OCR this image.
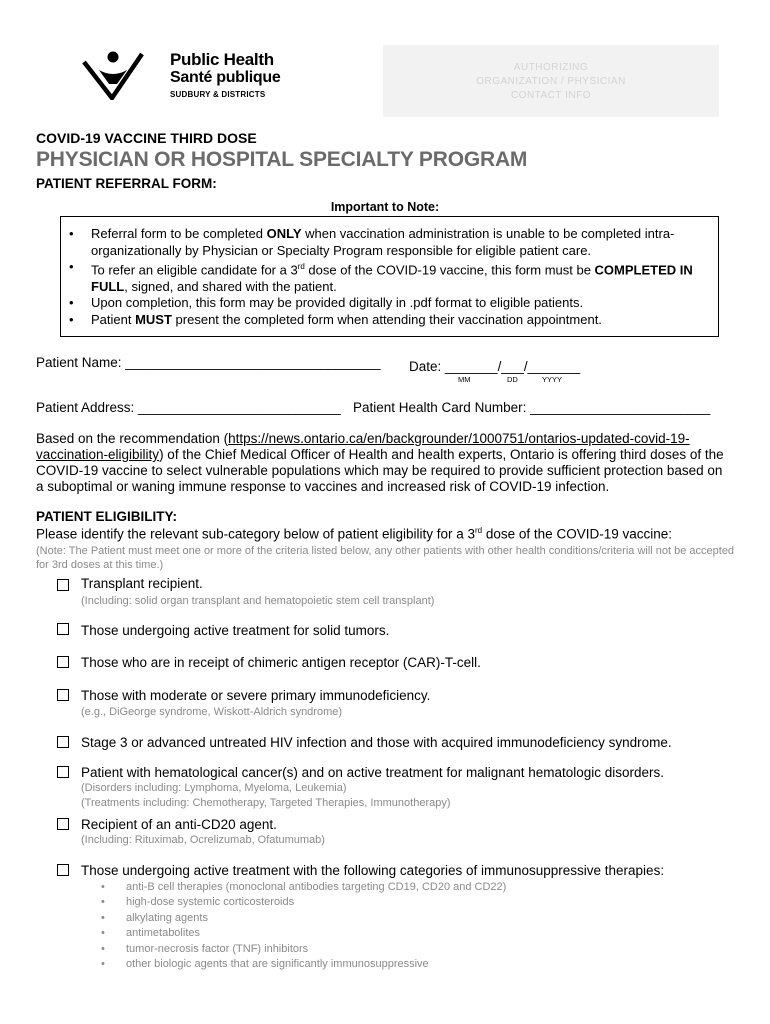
Public Health
Santé publique
SUDBURY & DISTRICTS
AUTHORIZING
ORGANIZATION / PHYSICIAN
CONTACT INFO
COVID-19 VACCINE THIRD DOSE
PHYSICIAN OR HOSPITAL SPECIALTY PROGRAM
PATIENT REFERRAL FORM:
Important to Note:
• Referral form to be completed ONLY when vaccination administration is unable to be completed intra-organizationally by Physician or Specialty Program responsible for eligible patient care.
• To refer an eligible candidate for a 3rd dose of the COVID-19 vaccine, this form must be COMPLETED IN FULL, signed, and shared with the patient.
• Upon completion, this form may be provided digitally in .pdf format to eligible patients.
• Patient MUST present the completed form when attending their vaccination appointment.
Patient Name: __________________________________ Date: _______/___/_______
MM	DD	YYYY
Patient Address: ___________________________ Patient Health Card Number: ________________________
Based on the recommendation (https://news.ontario.ca/en/backgrounder/1000751/ontarios-updated-covid-19-vaccination-eligibility) of the Chief Medical Officer of Health and health experts, Ontario is offering third doses of the COVID-19 vaccine to select vulnerable populations which may be required to provide sufficient protection based on a suboptimal or waning immune response to vaccines and increased risk of COVID-19 infection.
PATIENT ELIGIBILITY:
Please identify the relevant sub-category below of patient eligibility for a 3rd dose of the COVID-19 vaccine:
(Note: The Patient must meet one or more of the criteria listed below, any other patients with other health conditions/criteria will not be accepted for 3rd doses at this time.)
Transplant recipient.
(Including: solid organ transplant and hematopoietic stem cell transplant)
Those undergoing active treatment for solid tumors.
Those who are in receipt of chimeric antigen receptor (CAR)-T-cell.
Those with moderate or severe primary immunodeficiency.
(e.g., DiGeorge syndrome, Wiskott-Aldrich syndrome)
Stage 3 or advanced untreated HIV infection and those with acquired immunodeficiency syndrome.
Patient with hematological cancer(s) and on active treatment for malignant hematologic disorders.
(Disorders including: Lymphoma, Myeloma, Leukemia)
(Treatments including: Chemotherapy, Targeted Therapies, Immunotherapy)
Recipient of an anti-CD20 agent.
(Including: Rituximab, Ocrelizumab, Ofatumumab)
Those undergoing active treatment with the following categories of immunosuppressive therapies:
• anti-B cell therapies (monoclonal antibodies targeting CD19, CD20 and CD22)
• high-dose systemic corticosteroids
• alkylating agents
• antimetabolites
• tumor-necrosis factor (TNF) inhibitors
• other biologic agents that are significantly immunosuppressive
